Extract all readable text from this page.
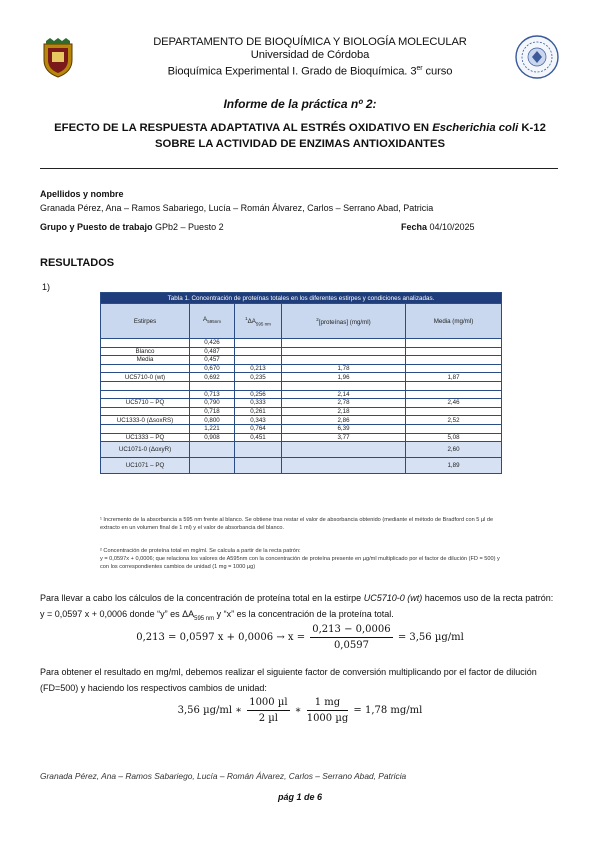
DEPARTAMENTO DE BIOQUÍMICA Y BIOLOGÍA MOLECULAR
Universidad de Córdoba
Bioquímica Experimental I. Grado de Bioquímica. 3er curso
Informe de la práctica nº 2:
EFECTO DE LA RESPUESTA ADAPTATIVA AL ESTRÉS OXIDATIVO EN Escherichia coli K-12
SOBRE LA ACTIVIDAD DE ENZIMAS ANTIOXIDANTES
Apellidos y nombre
Granada Pérez, Ana – Ramos Sabariego, Lucía – Román Álvarez, Carlos – Serrano Abad, Patricia
Grupo y Puesto de trabajo GPb2 – Puesto 2	Fecha 04/10/2025
RESULTADOS
1)
Tabla 1. Concentración de proteínas totales en los diferentes estirpes y condiciones analizadas.				
Estirpes	$A_{595nm}$	$^1\Delta A_{595 nm}$	$^2$[proteínas] (mg/ml)	Media (mg/ml)
	0,426			
Blanco	0,487			
Media	0,457			
	0,670	0,213	1,78	
UC5710-0 (wt)	0,692	0,235	1,96	1,87

	0,713	0,256	2,14	
UC5710 – PQ	0,790	0,333	2,78	2,46
	0,718	0,261	2,18	
UC1333-0 (ΔsoxRS)	0,800	0,343	2,86	2,52
	1,221	0,764	6,39	
UC1333 – PQ	0,908	0,451	3,77	5,08
UC1071-0 (ΔoxyR)				2,60
UC1071 – PQ				1,89
¹ Incremento de la absorbancia a 595 nm frente al blanco. Se obtiene tras restar el valor de absorbancia obtenido (mediante el método de Bradford con 5 µl de extracto en un volumen final de 1 ml) y el valor de absorbancia del blanco.
² Concentración de proteína total en mg/ml. Se calcula a partir de la recta patrón:
y = 0,0597x + 0,0006; que relaciona los valores de A595nm con la concentración de proteína presente en µg/ml multiplicado por el factor de dilución (FD = 500) y con los correspondientes cambios de unidad (1 mg = 1000 µg)
Para llevar a cabo los cálculos de la concentración de proteína total en la estirpe UC5710-0 (wt) hacemos uso de la recta patrón: y = 0,0597 x + 0,0006 donde “y” es $\Delta A_{595 nm}$ y “x” es la concentración de la proteína total.
0,213 = 0,0597 $x + 0,0006 \to x = \frac{0,213 - 0,0006}{0,0597} = 3,56$ µg/ml
Para obtener el resultado en mg/ml, debemos realizar el siguiente factor de conversión multiplicando por el factor de dilución (FD=500) y haciendo los respectivos cambios de unidad:
3,56 µg/ml ∗ $\frac{\text{1000 µl}}{\text{2 µl}}$ ∗ $\frac{1 mg}{\text{1000 µg}} = 1,78$ mg/ml
Granada Pérez, Ana – Ramos Sabariego, Lucía – Román Álvarez, Carlos – Serrano Abad, Patricia
pág 1 de 6
